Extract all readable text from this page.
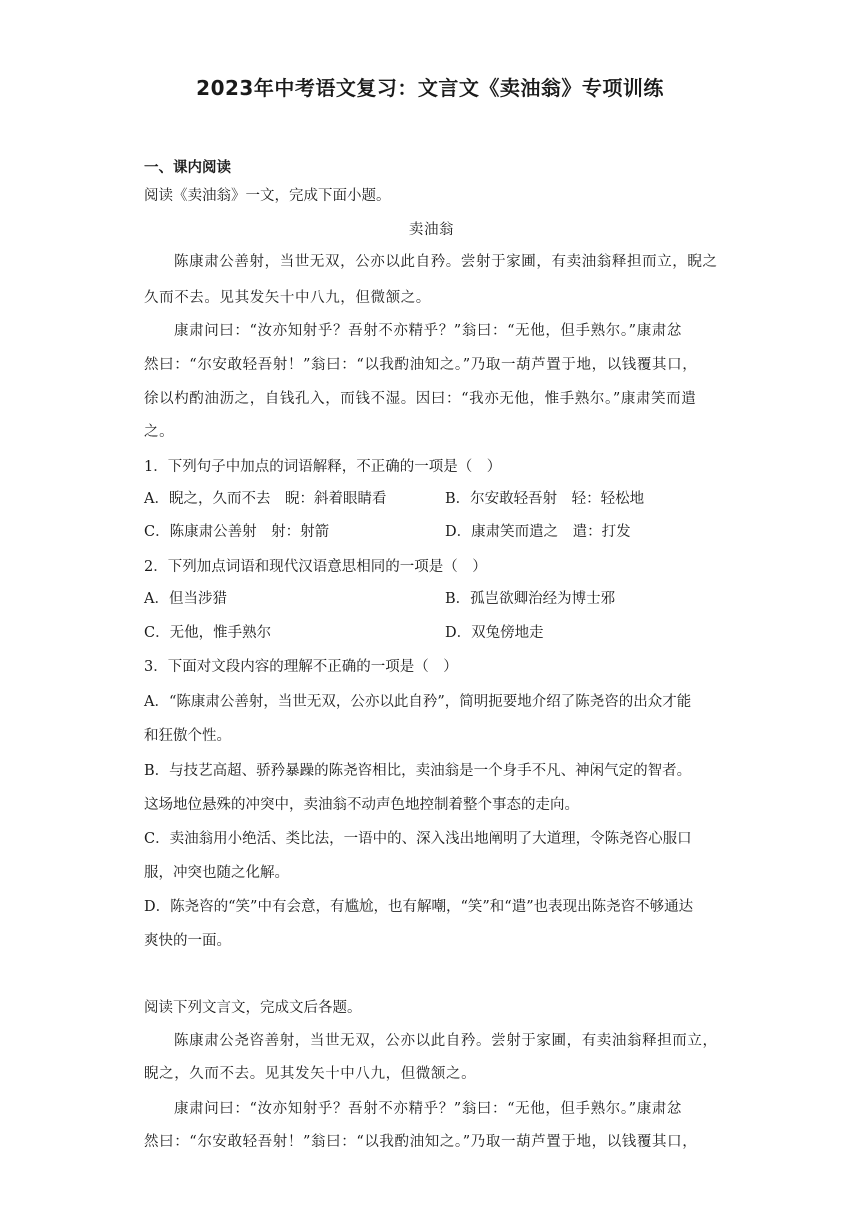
2023年中考语文复习：文言文《卖油翁》专项训练
一、课内阅读
阅读《卖油翁》一文，完成下面小题。
卖油翁
陈康肃公善射，当世无双，公亦以此自矜。尝射于家圃，有卖油翁释担而立，睨之
久而不去。见其发矢十中八九，但微颔之。
康肃问曰：“汝亦知射乎？吾射不亦精乎？”翁曰：“无他，但手熟尔。”康肃忿
然曰：“尔安敢轻吾射！”翁曰：“以我酌油知之。”乃取一葫芦置于地，以钱覆其口，
徐以杓酌油沥之，自钱孔入，而钱不湿。因曰：“我亦无他，惟手熟尔。”康肃笑而遣
之。
1．下列句子中加点的词语解释，不正确的一项是（　）
A．睨之，久而不去　睨：斜着眼睛看	B．尔安敢轻吾射　轻：轻松地
C．陈康肃公善射　射：射箭	D．康肃笑而遣之　遣：打发
2．下列加点词语和现代汉语意思相同的一项是（　）
A．但当涉猎	B．孤岂欲卿治经为博士邪
C．无他，惟手熟尔	D．双兔傍地走
3．下面对文段内容的理解不正确的一项是（　）
A．“陈康肃公善射，当世无双，公亦以此自矜”，简明扼要地介绍了陈尧咨的出众才能
和狂傲个性。
B．与技艺高超、骄矜暴躁的陈尧咨相比，卖油翁是一个身手不凡、神闲气定的智者。
这场地位悬殊的冲突中，卖油翁不动声色地控制着整个事态的走向。
C．卖油翁用小绝活、类比法，一语中的、深入浅出地阐明了大道理，令陈尧咨心服口
服，冲突也随之化解。
D．陈尧咨的“笑”中有会意，有尴尬，也有解嘲，“笑”和“遣”也表现出陈尧咨不够通达
爽快的一面。
阅读下列文言文，完成文后各题。
陈康肃公尧咨善射，当世无双，公亦以此自矜。尝射于家圃，有卖油翁释担而立，
睨之，久而不去。见其发矢十中八九，但微颔之。
康肃问曰：“汝亦知射乎？吾射不亦精乎？”翁曰：“无他，但手熟尔。”康肃忿
然曰：“尔安敢轻吾射！”翁曰：“以我酌油知之。”乃取一葫芦置于地，以钱覆其口，
